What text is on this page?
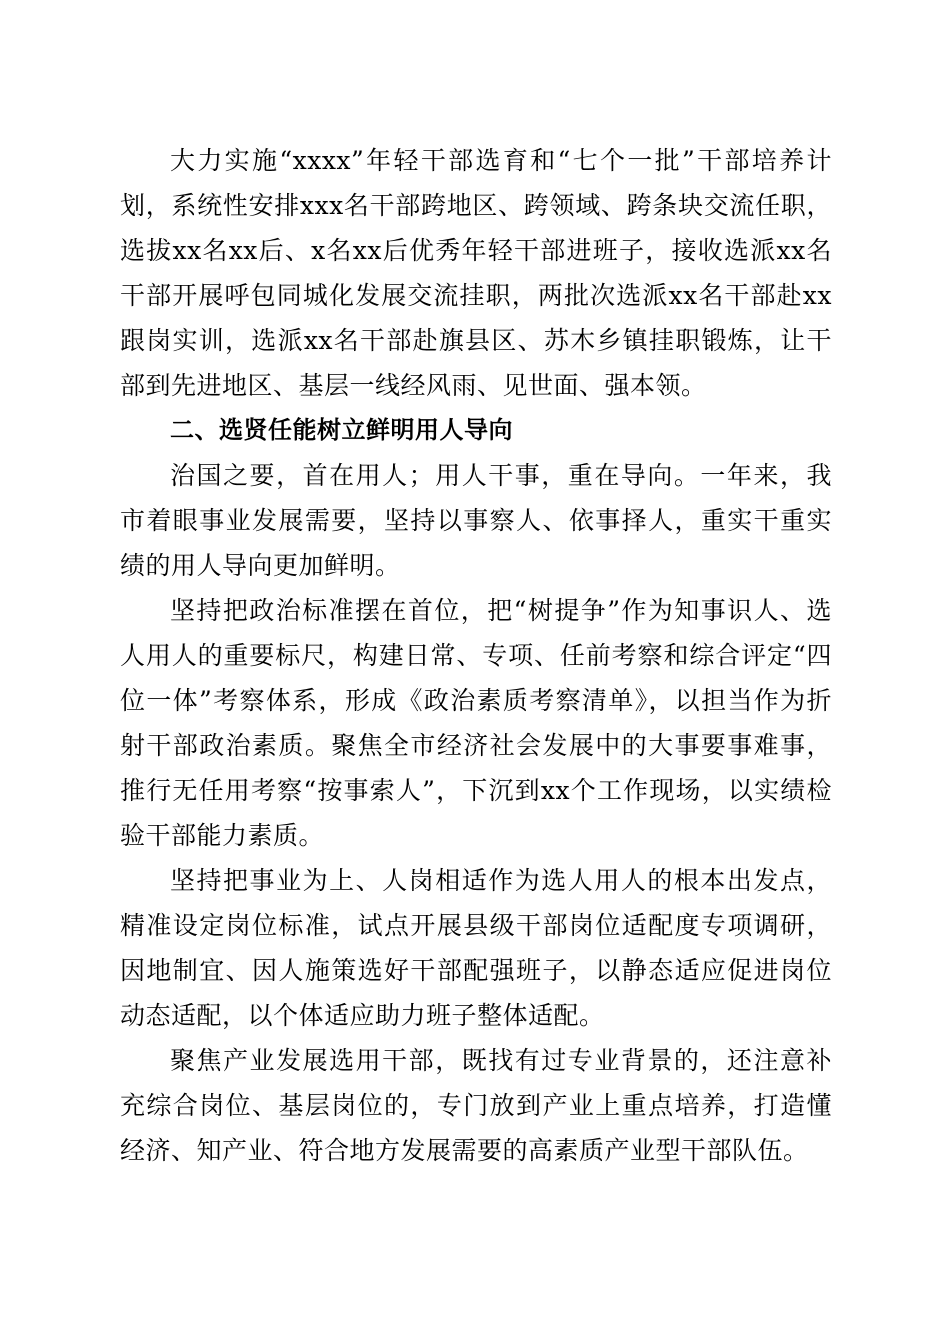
大力实施“xxxx”年轻干部选育和“七个一批”干部培养计划，系统性安排xxx名干部跨地区、跨领域、跨条块交流任职，选拔xx名xx后、x名xx后优秀年轻干部进班子，接收选派xx名干部开展呼包同城化发展交流挂职，两批次选派xx名干部赴xx跟岗实训，选派xx名干部赴旗县区、苏木乡镇挂职锻炼，让干部到先进地区、基层一线经风雨、见世面、强本领。

二、选贤任能树立鲜明用人导向

治国之要，首在用人；用人干事，重在导向。一年来，我市着眼事业发展需要，坚持以事察人、依事择人，重实干重实绩的用人导向更加鲜明。

坚持把政治标准摆在首位，把“树提争”作为知事识人、选人用人的重要标尺，构建日常、专项、任前考察和综合评定“四位一体”考察体系，形成《政治素质考察清单》，以担当作为折射干部政治素质。聚焦全市经济社会发展中的大事要事难事，推行无任用考察“按事索人”，下沉到xx个工作现场，以实绩检验干部能力素质。

坚持把事业为上、人岗相适作为选人用人的根本出发点，精准设定岗位标准，试点开展县级干部岗位适配度专项调研，因地制宜、因人施策选好干部配强班子，以静态适应促进岗位动态适配，以个体适应助力班子整体适配。

聚焦产业发展选用干部，既找有过专业背景的，还注意补充综合岗位、基层岗位的，专门放到产业上重点培养，打造懂经济、知产业、符合地方发展需要的高素质产业型干部队伍。
